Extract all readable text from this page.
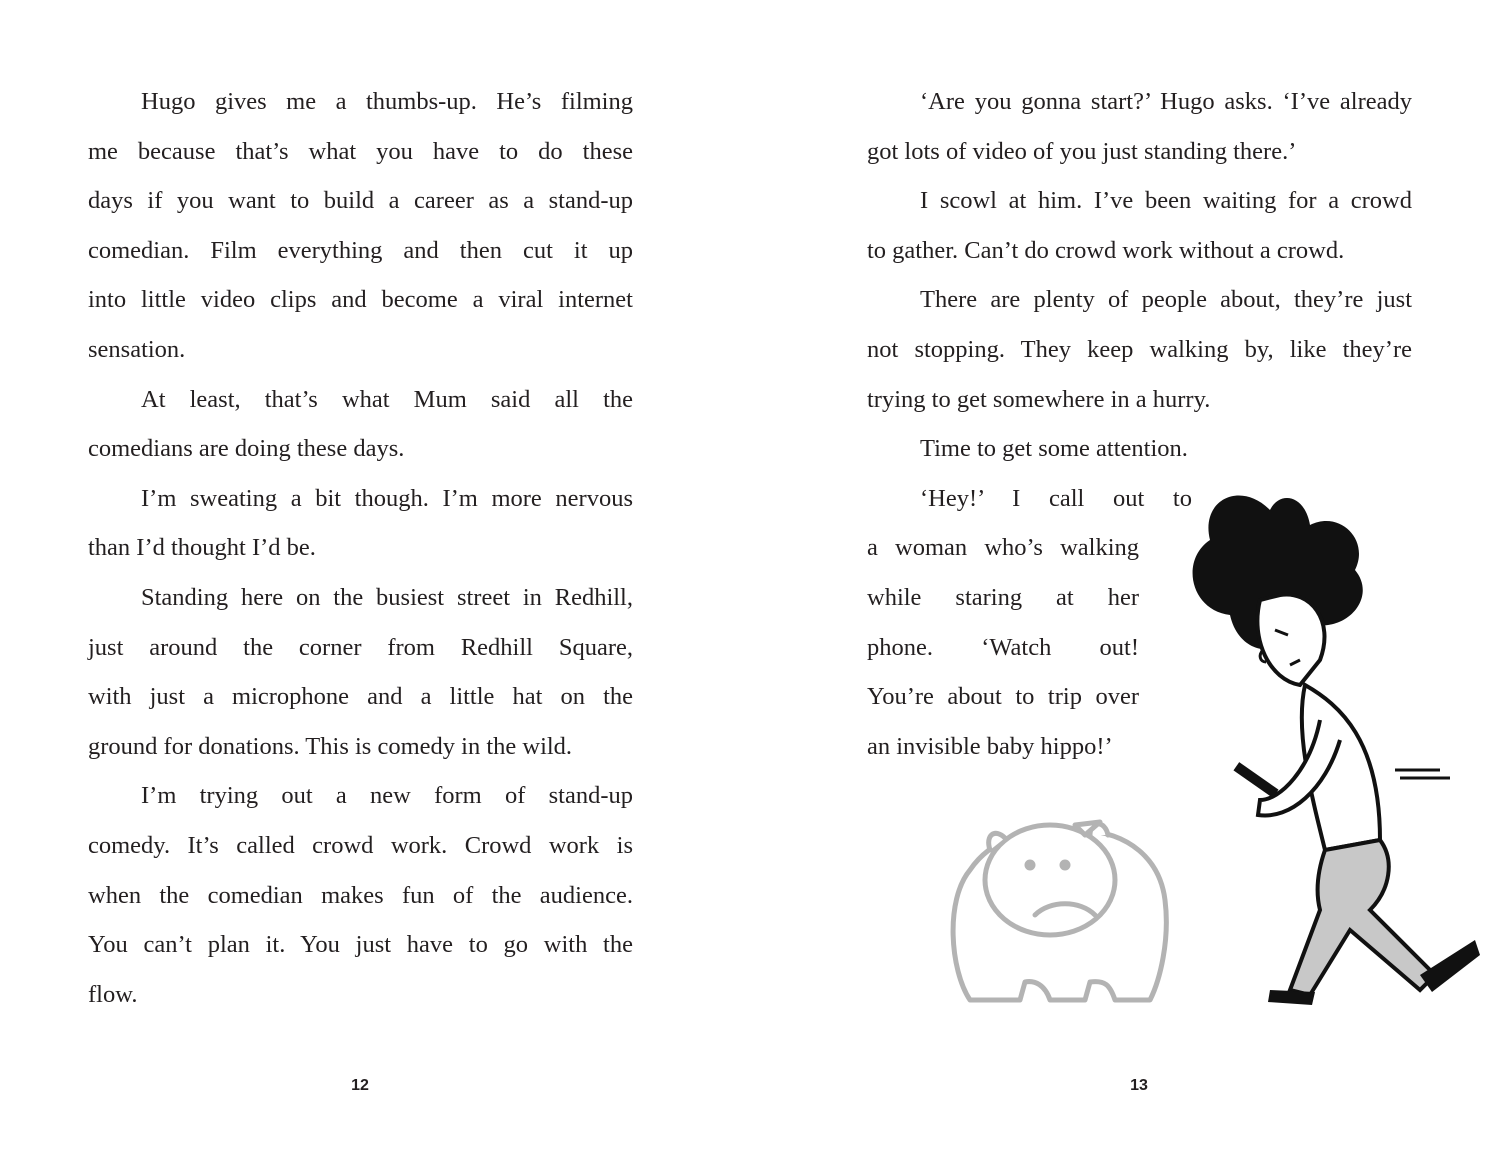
Hugo gives me a thumbs-up. He’s filming
me because that’s what you have to do these
days if you want to build a career as a stand-up
comedian. Film everything and then cut it up
into little video clips and become a viral internet
sensation.
At least, that’s what Mum said all the
comedians are doing these days.
I’m sweating a bit though. I’m more nervous
than I’d thought I’d be.
Standing here on the busiest street in Redhill,
just around the corner from Redhill Square,
with just a microphone and a little hat on the
ground for donations. This is comedy in the wild.
I’m trying out a new form of stand-up
comedy. It’s called crowd work. Crowd work is
when the comedian makes fun of the audience.
You can’t plan it. You just have to go with the
flow.
‘Are you gonna start?’ Hugo asks. ‘I’ve already
got lots of video of you just standing there.’
I scowl at him. I’ve been waiting for a crowd
to gather. Can’t do crowd work without a crowd.
There are plenty of people about, they’re just
not stopping. They keep walking by, like they’re
trying to get somewhere in a hurry.
Time to get some attention.
‘Hey!’ I call out to
a woman who’s walking
while staring at her
phone. ‘Watch out!
You’re about to trip over
an invisible baby hippo!’
12	13
